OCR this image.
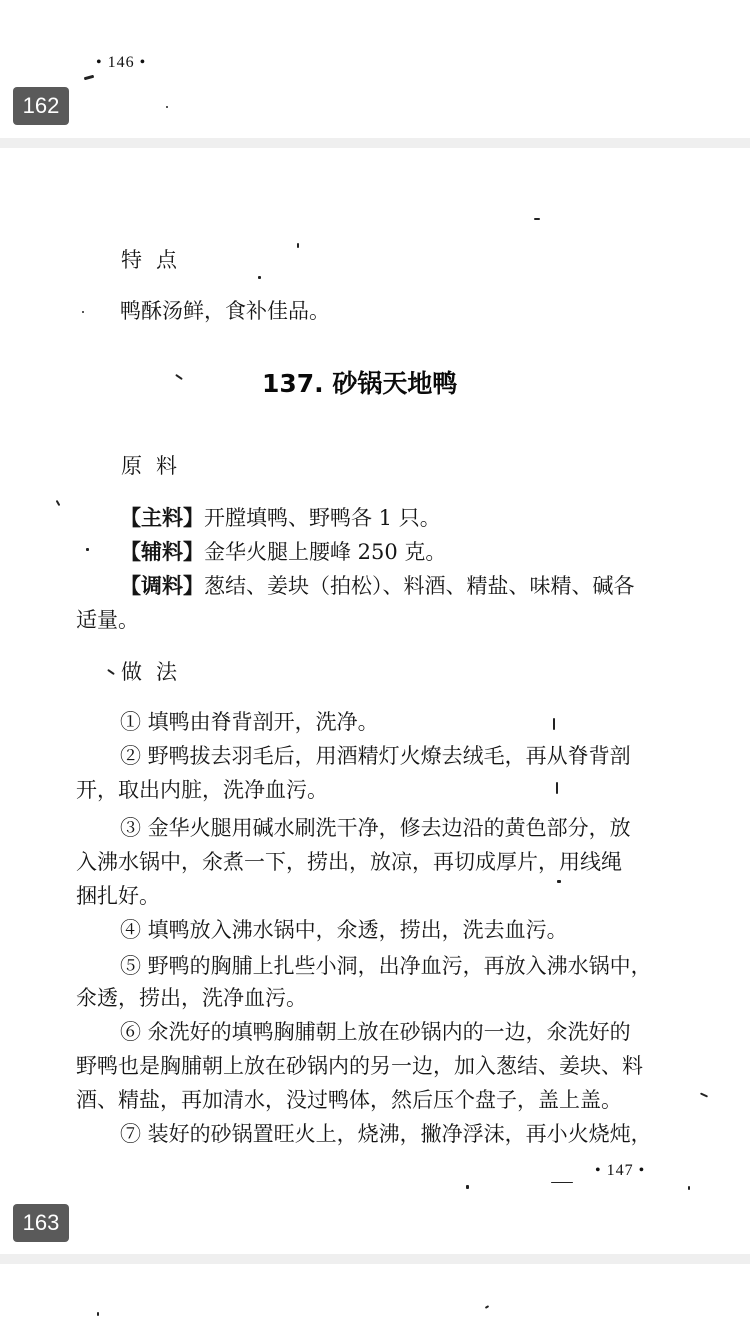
• 146 •
162
特点
鸭酥汤鲜，食补佳品。
137. 砂锅天地鸭
原料
【主料】开膛填鸭、野鸭各 1 只。
【辅料】金华火腿上腰峰 250 克。
【调料】葱结、姜块（拍松）、料酒、精盐、味精、碱各
适量。
做法
① 填鸭由脊背剖开，洗净。
② 野鸭拔去羽毛后，用酒精灯火燎去绒毛，再从脊背剖
开，取出内脏，洗净血污。
③ 金华火腿用碱水刷洗干净，修去边沿的黄色部分，放
入沸水锅中，氽煮一下，捞出，放凉，再切成厚片，用线绳
捆扎好。
④ 填鸭放入沸水锅中，氽透，捞出，洗去血污。
⑤ 野鸭的胸脯上扎些小洞，出净血污，再放入沸水锅中，
氽透，捞出，洗净血污。
⑥ 氽洗好的填鸭胸脯朝上放在砂锅内的一边，氽洗好的
野鸭也是胸脯朝上放在砂锅内的另一边，加入葱结、姜块、料
酒、精盐，再加清水，没过鸭体，然后压个盘子，盖上盖。
⑦ 装好的砂锅置旺火上，烧沸，撇净浮沫，再小火烧炖，
• 147 •
163
